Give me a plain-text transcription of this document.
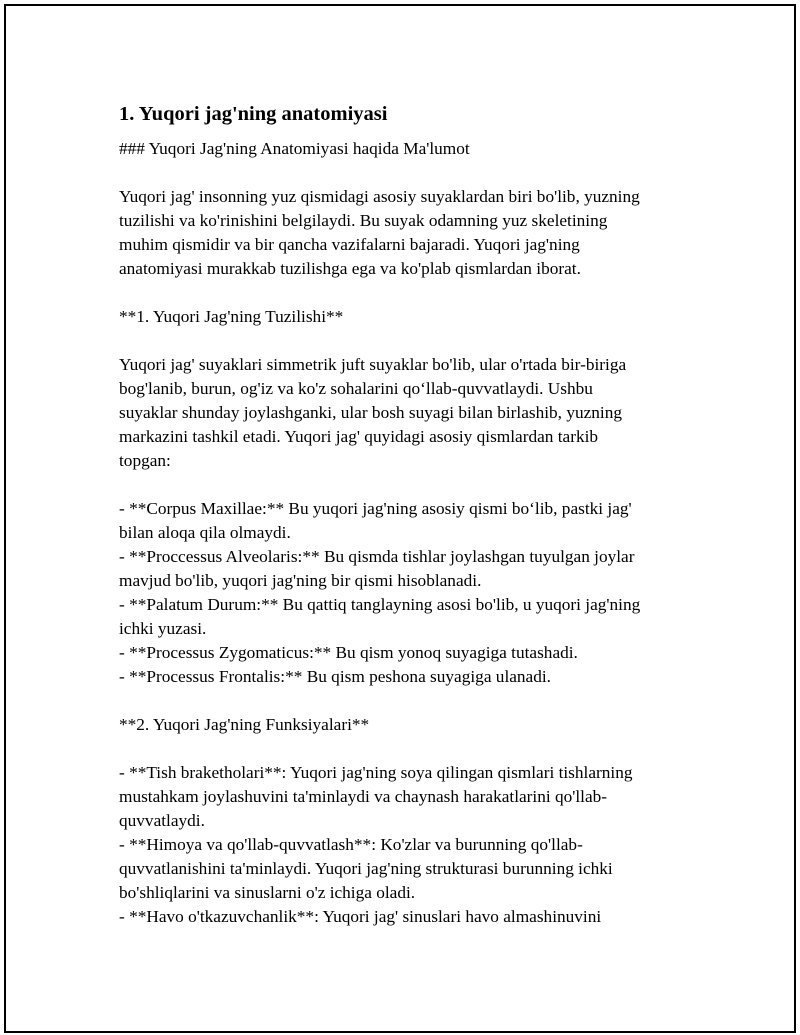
1. Yuqori jag'ning anatomiyasi

### Yuqori Jag'ning Anatomiyasi haqida Ma'lumot

Yuqori jag' insonning yuz qismidagi asosiy suyaklardan biri bo'lib, yuzning
tuzilishi va ko'rinishini belgilaydi. Bu suyak odamning yuz skeletining
muhim qismidir va bir qancha vazifalarni bajaradi. Yuqori jag'ning
anatomiyasi murakkab tuzilishga ega va ko'plab qismlardan iborat.

**1. Yuqori Jag'ning Tuzilishi**

Yuqori jag' suyaklari simmetrik juft suyaklar bo'lib, ular o'rtada bir-biriga
bog'lanib, burun, og'iz va ko'z sohalarini qo‘llab-quvvatlaydi. Ushbu
suyaklar shunday joylashganki, ular bosh suyagi bilan birlashib, yuzning
markazini tashkil etadi. Yuqori jag' quyidagi asosiy qismlardan tarkib
topgan:

- **Corpus Maxillae:** Bu yuqori jag'ning asosiy qismi bo‘lib, pastki jag'
bilan aloqa qila olmaydi.
- **Proccessus Alveolaris:** Bu qismda tishlar joylashgan tuyulgan joylar
mavjud bo'lib, yuqori jag'ning bir qismi hisoblanadi.
- **Palatum Durum:** Bu qattiq tanglayning asosi bo'lib, u yuqori jag'ning
ichki yuzasi.
- **Processus Zygomaticus:** Bu qism yonoq suyagiga tutashadi.
- **Processus Frontalis:** Bu qism peshona suyagiga ulanadi.

**2. Yuqori Jag'ning Funksiyalari**

- **Tish braketholari**: Yuqori jag'ning soya qilingan qismlari tishlarning
mustahkam joylashuvini ta'minlaydi va chaynash harakatlarini qo'llab-
quvvatlaydi.
- **Himoya va qo'llab-quvvatlash**: Ko'zlar va burunning qo'llab-
quvvatlanishini ta'minlaydi. Yuqori jag'ning strukturasi burunning ichki
bo'shliqlarini va sinuslarni o'z ichiga oladi.
- **Havo o'tkazuvchanlik**: Yuqori jag' sinuslari havo almashinuvini
